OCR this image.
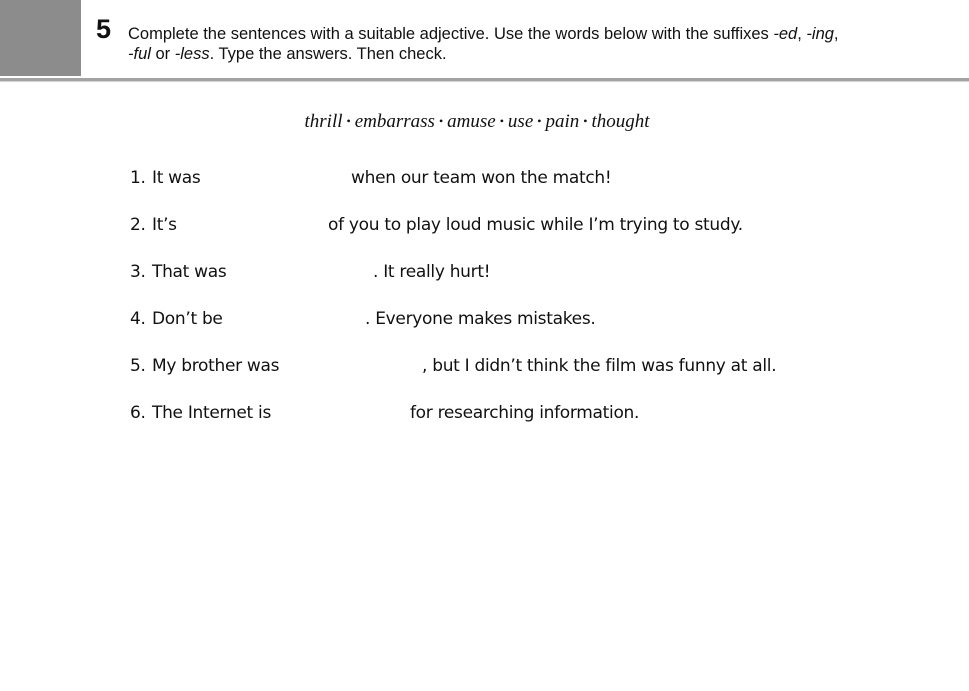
5 Complete the sentences with a suitable adjective. Use the words below with the suffixes -ed, -ing,
-ful or -less. Type the answers. Then check.
thrill • embarrass • amuse • use • pain • thought
1. It was	when our team won the match!
2. It’s	of you to play loud music while I’m trying to study.
3. That was	. It really hurt!
4. Don’t be	. Everyone makes mistakes.
5. My brother was	, but I didn’t think the film was funny at all.
6. The Internet is	for researching information.
